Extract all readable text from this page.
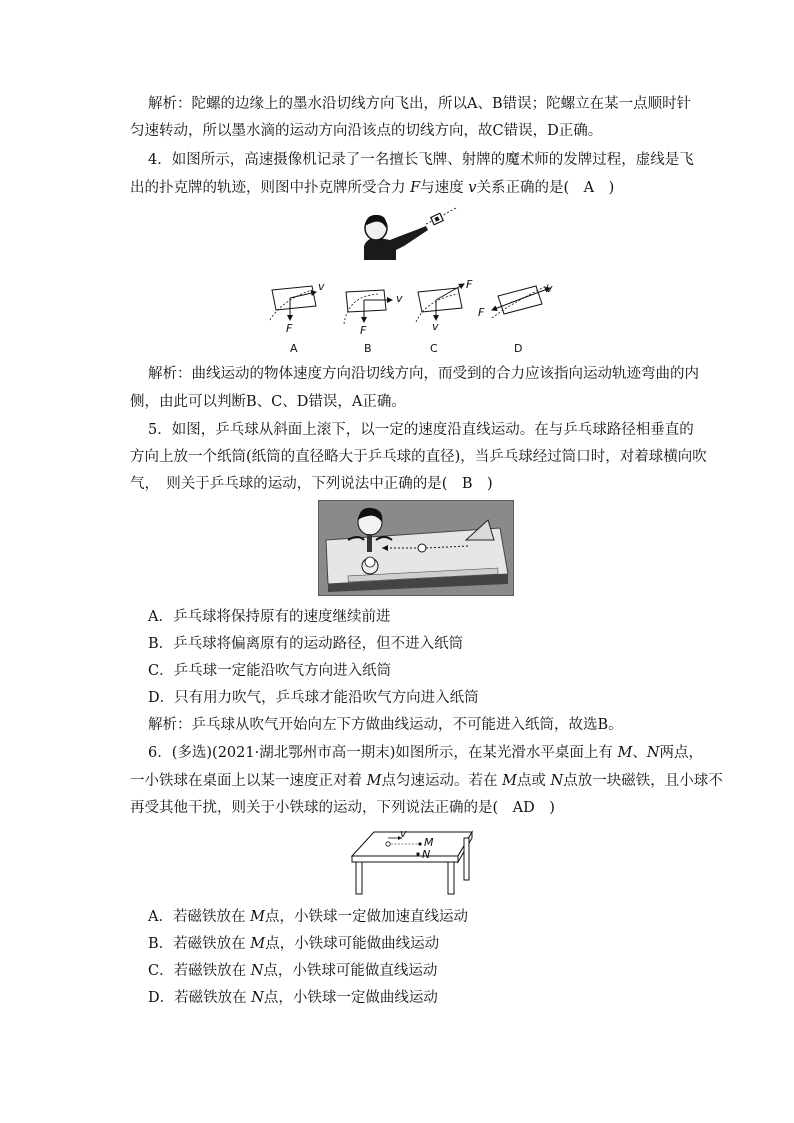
解析：陀螺的边缘上的墨水沿切线方向飞出，所以A、B错误；陀螺立在某一点顺时针
匀速转动，所以墨水滴的运动方向沿该点的切线方向，故C错误，D正确。
4．如图所示，高速摄像机记录了一名擅长飞牌、射牌的魔术师的发牌过程，虚线是飞
出的扑克牌的轨迹，则图中扑克牌所受合力 F与速度 v关系正确的是(　A　)
v
F
v
F
F
v
v
F
A	B	C	D
解析：曲线运动的物体速度方向沿切线方向，而受到的合力应该指向运动轨迹弯曲的内
侧，由此可以判断B、C、D错误，A正确。
5．如图，乒乓球从斜面上滚下，以一定的速度沿直线运动。在与乒乓球路径相垂直的
方向上放一个纸筒(纸筒的直径略大于乒乓球的直径)，当乒乓球经过筒口时，对着球横向吹
气，　则关于乒乓球的运动，下列说法中正确的是(　B　)
A．乒乓球将保持原有的速度继续前进
B．乒乓球将偏离原有的运动路径，但不进入纸筒
C．乒乓球一定能沿吹气方向进入纸筒
D．只有用力吹气，乒乓球才能沿吹气方向进入纸筒
解析：乒乓球从吹气开始向左下方做曲线运动，不可能进入纸筒，故选B。
6．(多选)(2021·湖北鄂州市高一期末)如图所示，在某光滑水平桌面上有 M、N两点，
一小铁球在桌面上以某一速度正对着 M点匀速运动。若在 M点或 N点放一块磁铁，且小球不
再受其他干扰，则关于小铁球的运动，下列说法正确的是(　AD　)
v
M
N
A．若磁铁放在 M点，小铁球一定做加速直线运动
B．若磁铁放在 M点，小铁球可能做曲线运动
C．若磁铁放在 N点，小铁球可能做直线运动
D．若磁铁放在 N点，小铁球一定做曲线运动
